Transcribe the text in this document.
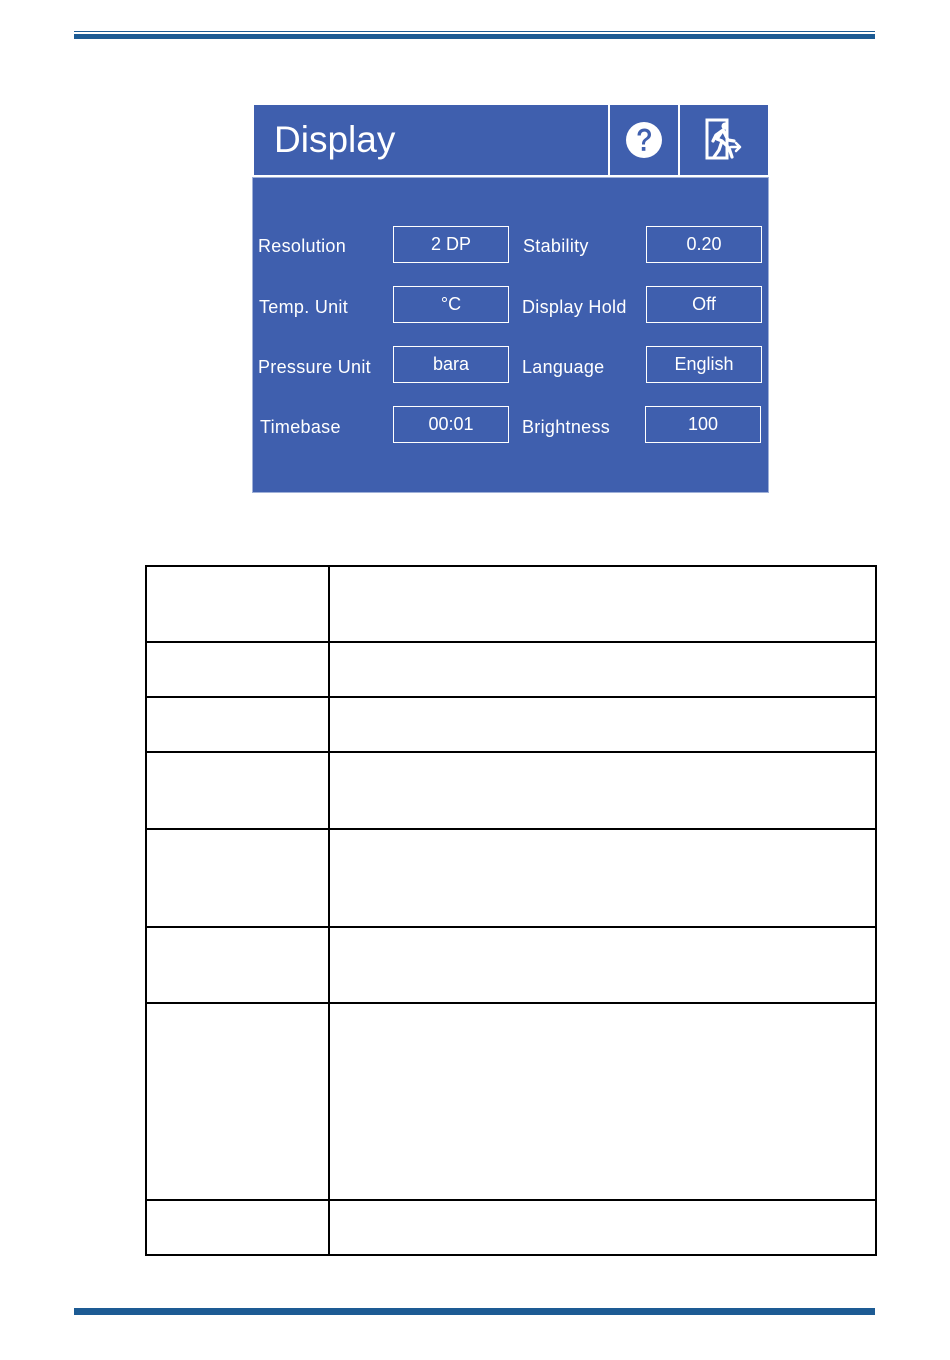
Display
Resolution	2 DP	Stability	0.20
Temp. Unit	°C	Display Hold	Off
Pressure Unit	bara	Language	English
Timebase	00:01	Brightness	100
